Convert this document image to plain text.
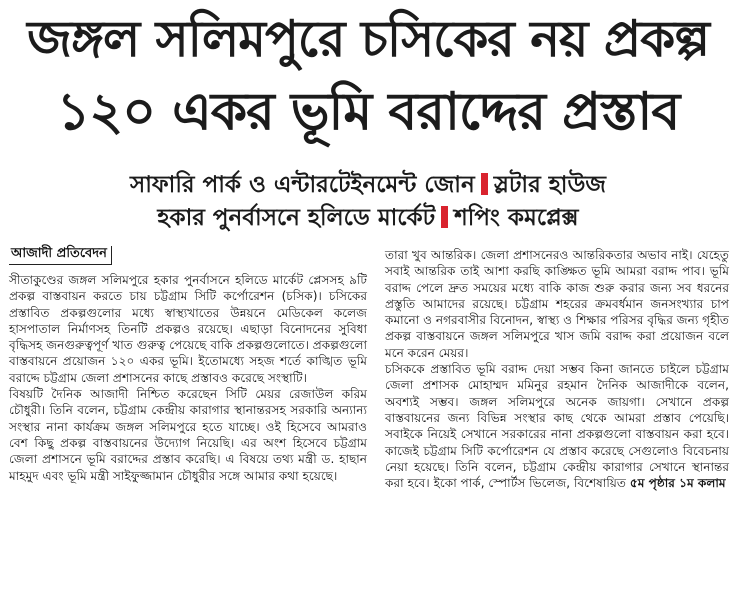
জঙ্গল সলিমপুরে চসিকের নয় প্রকল্প
১২০ একর ভূমি বরাদ্দের প্রস্তাব
সাফারি পার্ক ও এন্টারটেইনমেন্ট জোন স্লটার হাউজ
হকার পুনর্বাসনে হলিডে মার্কেট শপিং কমপ্লেক্স
আজাদী প্রতিবেদন

সীতাকুণ্ডের জঙ্গল সলিমপুরে হকার পুনর্বাসনে হলিডে মার্কেট প্লেসসহ ৯টি প্রকল্প বাস্তবায়ন করতে চায় চট্টগ্রাম সিটি কর্পোরেশন (চসিক)। চসিকের প্রস্তাবিত প্রকল্পগুলোর মধ্যে স্বাস্থ্যখাতের উন্নয়নে মেডিকেল কলেজ হাসপাতাল নির্মাণসহ তিনটি প্রকল্পও রয়েছে। এছাড়া বিনোদনের সুবিধা বৃদ্ধিসহ জনগুরুত্বপূর্ণ খাত গুরুত্ব পেয়েছে বাকি প্রকল্পগুলোতে। প্রকল্পগুলো বাস্তবায়নে প্রয়োজন ১২০ একর ভূমি। ইতোমধ্যে সহজ শর্তে কাঙ্খিত ভূমি বরাদ্দে চট্টগ্রাম জেলা প্রশাসনের কাছে প্রস্তাবও করেছে সংস্থাটি।

বিষয়টি দৈনিক আজাদী নিশ্চিত করেছেন সিটি মেয়র রেজাউল করিম চৌধুরী। তিনি বলেন, চট্টগ্রাম কেন্দ্রীয় কারাগার স্থানান্তরসহ সরকারি অন্যান্য সংস্থার নানা কার্যক্রম জঙ্গল সলিমপুরে হতে যাচ্ছে। ওই হিসেবে আমরাও বেশ কিছু প্রকল্প বাস্তবায়নের উদ্যোগ নিয়েছি। এর অংশ হিসেবে চট্টগ্রাম জেলা প্রশাসনে ভূমি বরাদ্দের প্রস্তাব করেছি। এ বিষয়ে তথ্য মন্ত্রী ড. হাছান মাহমুদ এবং ভূমি মন্ত্রী সাইফুজ্জামান চৌধুরীর সঙ্গে আমার কথা হয়েছে।

তারা খুব আন্তরিক। জেলা প্রশাসনেরও আন্তরিকতার অভাব নাই। যেহেতু সবাই আন্তরিক তাই আশা করছি কাঙ্ক্ষিত ভূমি আমরা বরাদ্দ পাব। ভূমি বরাদ্দ পেলে দ্রুত সময়ের মধ্যে বাকি কাজ শুরু করার জন্য সব ধরনের প্রস্তুতি আমাদের রয়েছে। চট্টগ্রাম শহরের ক্রমবর্ধমান জনসংখ্যার চাপ কমানো ও নগরবাসীর বিনোদন, স্বাস্থ্য ও শিক্ষার পরিসর বৃদ্ধির জন্য গৃহীত প্রকল্প বাস্তবায়নে জঙ্গল সলিমপুরে খাস জমি বরাদ্দ করা প্রয়োজন বলে মনে করেন মেয়র।

চসিককে প্রস্তাবিত ভূমি বরাদ্দ দেয়া সম্ভব কিনা জানতে চাইলে চট্টগ্রাম জেলা প্রশাসক মোহাম্মদ মমিনুর রহমান দৈনিক আজাদীকে বলেন, অবশ্যই সম্ভব। জঙ্গল সলিমপুরে অনেক জায়গা। সেখানে প্রকল্প বাস্তবায়নের জন্য বিভিন্ন সংস্থার কাছ থেকে আমরা প্রস্তাব পেয়েছি। সবাইকে নিয়েই সেখানে সরকারের নানা প্রকল্পগুলো বাস্তবায়ন করা হবে। কাজেই চট্টগ্রাম সিটি কর্পোরেশন যে প্রস্তাব করেছে সেগুলোও বিবেচনায় নেয়া হয়েছে। তিনি বলেন, চট্টগ্রাম কেন্দ্রীয় কারাগার সেখানে স্থানান্তর করা হবে। ইকো পার্ক, স্পোর্টস ভিলেজ, বিশেষায়িত ৫ম পৃষ্ঠার ১ম কলাম
